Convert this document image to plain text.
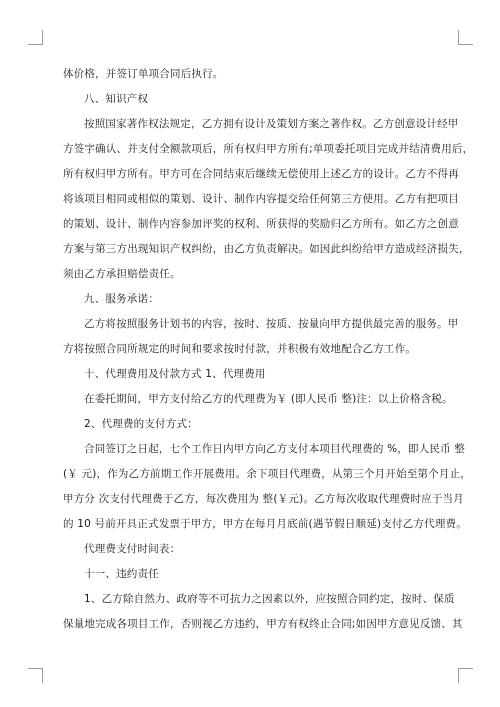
体价格，并签订单项合同后执行。
八、知识产权
按照国家著作权法规定，乙方拥有设计及策划方案之著作权。乙方创意设计经甲
方签字确认、并支付全额款项后，所有权归甲方所有;单项委托项目完成并结清费用后，
所有权归甲方所有。甲方可在合同结束后继续无偿使用上述乙方的设计。乙方不得再
将该项目相同或相似的策划、设计、制作内容提交给任何第三方使用。乙方有把项目
的策划、设计、制作内容参加评奖的权利、所获得的奖励归乙方所有。如乙方之创意
方案与第三方出现知识产权纠纷，由乙方负责解决。如因此纠纷给甲方造成经济损失，
须由乙方承担赔偿责任。
九、服务承诺：
乙方将按照服务计划书的内容，按时、按质、按量向甲方提供最完善的服务。甲
方将按照合同所规定的时间和要求按时付款，并积极有效地配合乙方工作。
十、代理费用及付款方式 1、代理费用
在委托期间，甲方支付给乙方的代理费为￥ (即人民币 整)注：以上价格含税。
2、代理费的支付方式：
合同签订之日起，七个工作日内甲方向乙方支付本项目代理费的 %，即人民币 整
(￥ 元)，作为乙方前期工作开展费用。余下项目代理费，从第三个月开始至第个月止，
甲方分 次支付代理费于乙方，每次费用为 整(￥元)。乙方每次收取代理费时应于当月
的 10 号前开具正式发票于甲方，甲方在每月月底前(遇节假日顺延)支付乙方代理费。
代理费支付时间表：
十一、违约责任
1、乙方除自然力、政府等不可抗力之因素以外，应按照合同约定，按时、保质
保量地完成各项目工作，否则视乙方违约，甲方有权终止合同;如因甲方意见反馈、其
